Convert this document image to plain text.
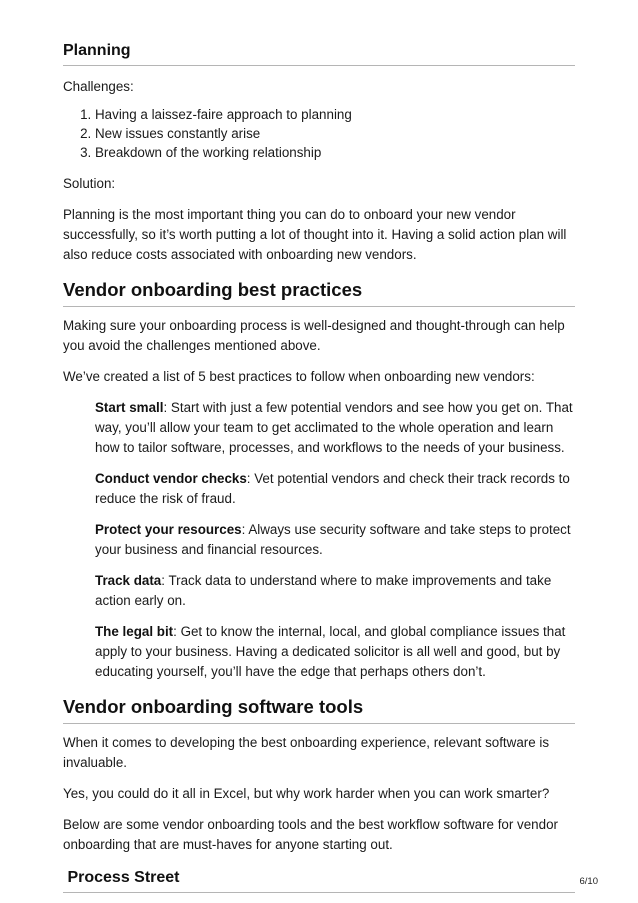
Planning

Challenges:

1. Having a laissez-faire approach to planning
2. New issues constantly arise
3. Breakdown of the working relationship

Solution:

Planning is the most important thing you can do to onboard your new vendor successfully, so it’s worth putting a lot of thought into it. Having a solid action plan will also reduce costs associated with onboarding new vendors.

Vendor onboarding best practices

Making sure your onboarding process is well-designed and thought-through can help you avoid the challenges mentioned above.

We’ve created a list of 5 best practices to follow when onboarding new vendors:

Start small: Start with just a few potential vendors and see how you get on. That way, you’ll allow your team to get acclimated to the whole operation and learn how to tailor software, processes, and workflows to the needs of your business.

Conduct vendor checks: Vet potential vendors and check their track records to reduce the risk of fraud.

Protect your resources: Always use security software and take steps to protect your business and financial resources.

Track data: Track data to understand where to make improvements and take action early on.

The legal bit: Get to know the internal, local, and global compliance issues that apply to your business. Having a dedicated solicitor is all well and good, but by educating yourself, you’ll have the edge that perhaps others don’t.

Vendor onboarding software tools

When it comes to developing the best onboarding experience, relevant software is invaluable.

Yes, you could do it all in Excel, but why work harder when you can work smarter?

Below are some vendor onboarding tools and the best workflow software for vendor onboarding that are must-haves for anyone starting out.

Process Street	6/10
